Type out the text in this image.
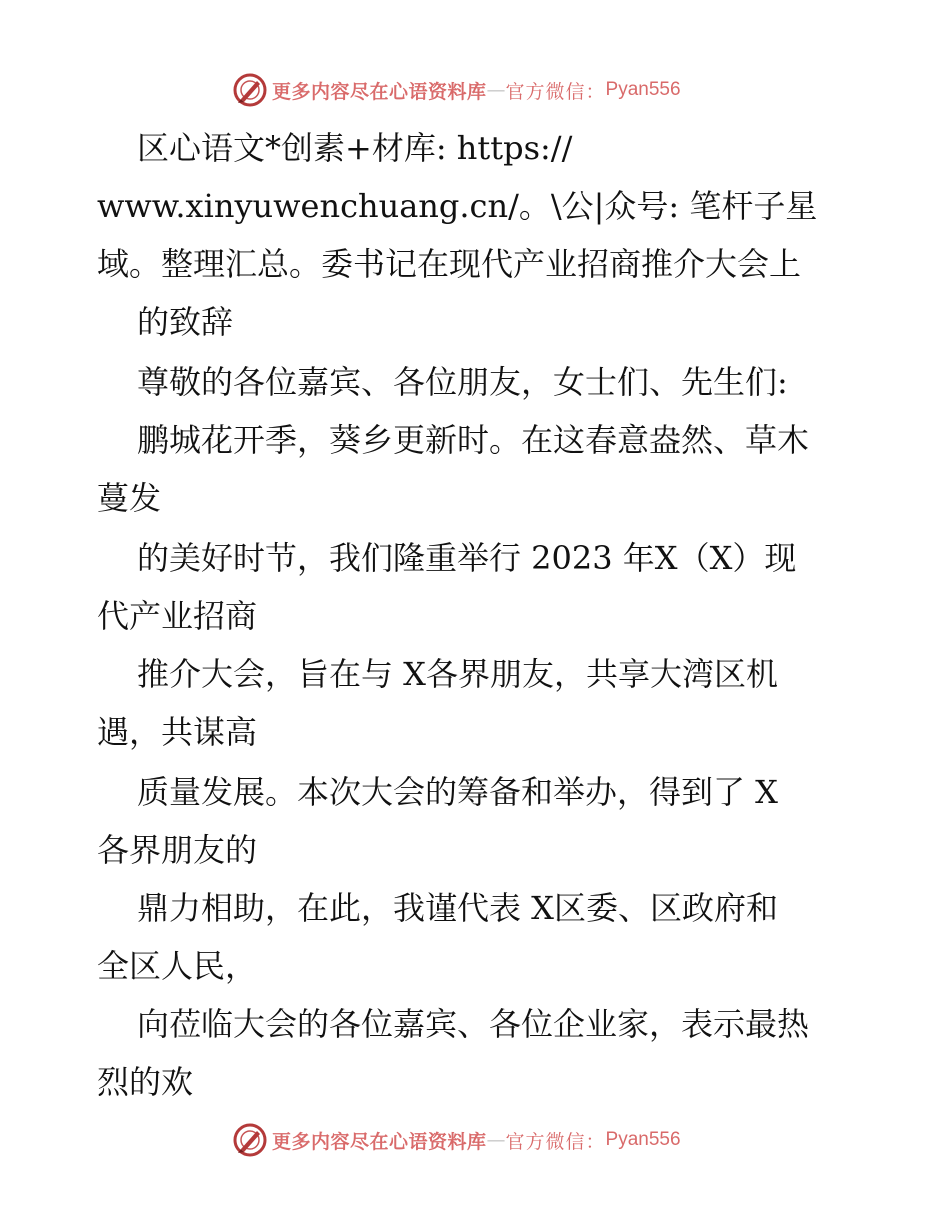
更多内容尽在心语资料库 — 官方微信： Pyan556
区心语文*创素+材库: https://
www.xinyuwenchuang.cn/。\公|众号: 笔杆子星
域。整理汇总。委书记在现代产业招商推介大会上
的致辞
尊敬的各位嘉宾、各位朋友，女士们、先生们:
鹏城花开季，葵乡更新时。在这春意盎然、草木
蔓发
的美好时节，我们隆重举行 2023 年X（X）现
代产业招商
推介大会，旨在与 X各界朋友，共享大湾区机
遇，共谋高
质量发展。本次大会的筹备和举办，得到了 X
各界朋友的
鼎力相助，在此，我谨代表 X区委、区政府和
全区人民，
向莅临大会的各位嘉宾、各位企业家，表示最热
烈的欢
更多内容尽在心语资料库 — 官方微信： Pyan556
